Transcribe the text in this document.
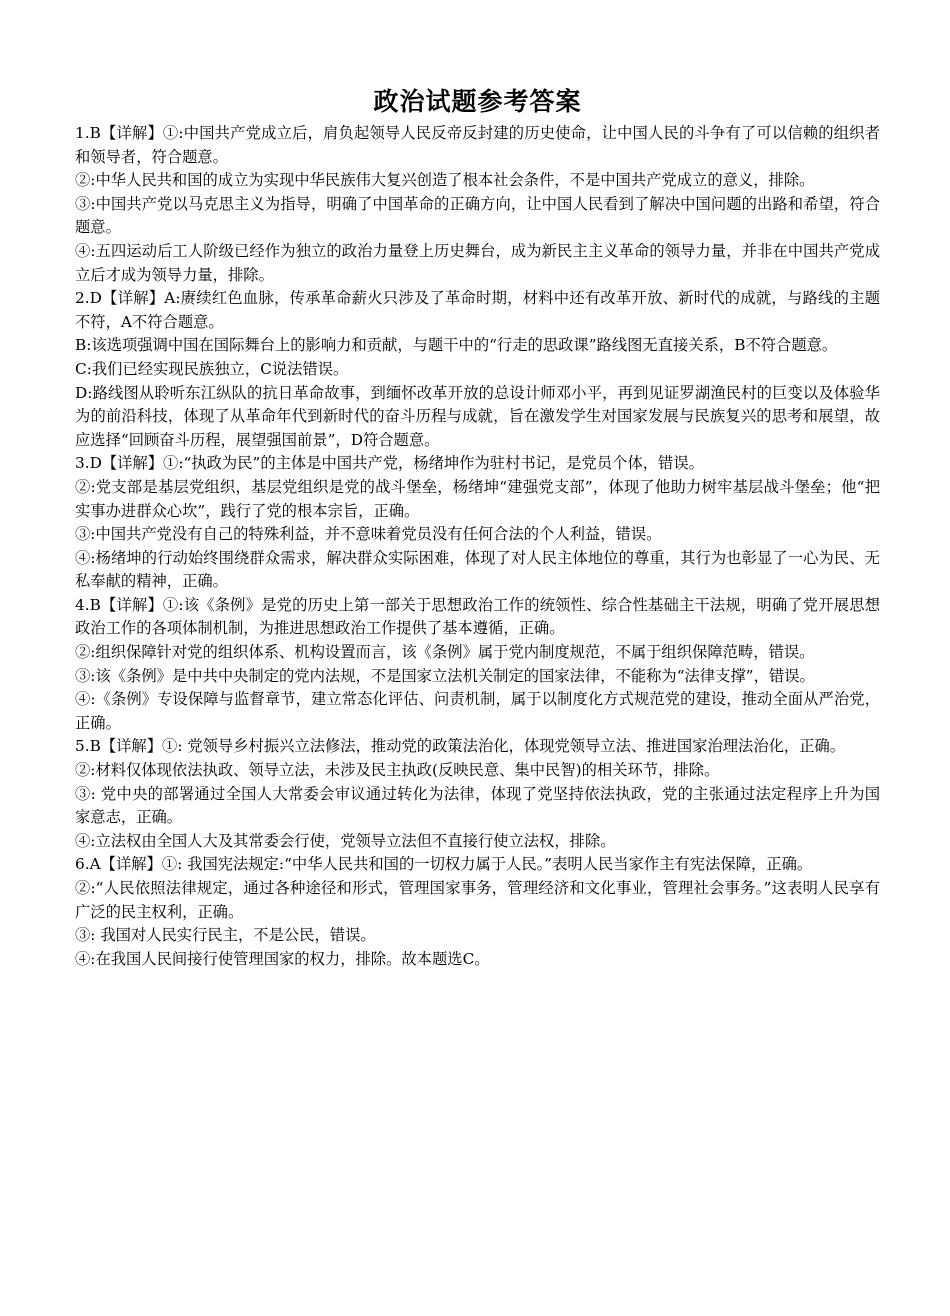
政治试题参考答案

1.B【详解】①:中国共产党成立后，肩负起领导人民反帝反封建的历史使命，让中国人民的斗争有了可以信赖的组织者和领导者，符合题意。

②:中华人民共和国的成立为实现中华民族伟大复兴创造了根本社会条件，不是中国共产党成立的意义，排除。

③:中国共产党以马克思主义为指导，明确了中国革命的正确方向，让中国人民看到了解决中国问题的出路和希望，符合题意。

④:五四运动后工人阶级已经作为独立的政治力量登上历史舞台，成为新民主主义革命的领导力量，并非在中国共产党成立后才成为领导力量，排除。

2.D【详解】A:赓续红色血脉，传承革命薪火只涉及了革命时期，材料中还有改革开放、新时代的成就，与路线的主题不符，A不符合题意。

B:该选项强调中国在国际舞台上的影响力和贡献，与题干中的“行走的思政课”路线图无直接关系，B不符合题意。

C:我们已经实现民族独立，C说法错误。

D:路线图从聆听东江纵队的抗日革命故事，到缅怀改革开放的总设计师邓小平，再到见证罗湖渔民村的巨变以及体验华为的前沿科技，体现了从革命年代到新时代的奋斗历程与成就，旨在激发学生对国家发展与民族复兴的思考和展望，故应选择“回顾奋斗历程，展望强国前景”，D符合题意。

3.D【详解】①:“执政为民”的主体是中国共产党，杨绪坤作为驻村书记，是党员个体，错误。

②:党支部是基层党组织，基层党组织是党的战斗堡垒，杨绪坤“建强党支部”，体现了他助力树牢基层战斗堡垒；他“把实事办进群众心坎”，践行了党的根本宗旨，正确。

③:中国共产党没有自己的特殊利益，并不意味着党员没有任何合法的个人利益，错误。

④:杨绪坤的行动始终围绕群众需求，解决群众实际困难，体现了对人民主体地位的尊重，其行为也彰显了一心为民、无私奉献的精神，正确。

4.B【详解】①:该《条例》是党的历史上第一部关于思想政治工作的统领性、综合性基础主干法规，明确了党开展思想政治工作的各项体制机制，为推进思想政治工作提供了基本遵循，正确。

②:组织保障针对党的组织体系、机构设置而言，该《条例》属于党内制度规范，不属于组织保障范畴，错误。

③:该《条例》是中共中央制定的党内法规，不是国家立法机关制定的国家法律，不能称为“法律支撑”，错误。

④:《条例》专设保障与监督章节，建立常态化评估、问责机制，属于以制度化方式规范党的建设，推动全面从严治党，正确。

5.B【详解】①: 党领导乡村振兴立法修法，推动党的政策法治化，体现党领导立法、推进国家治理法治化，正确。

②:材料仅体现依法执政、领导立法，未涉及民主执政(反映民意、集中民智)的相关环节，排除。

③: 党中央的部署通过全国人大常委会审议通过转化为法律，体现了党坚持依法执政，党的主张通过法定程序上升为国家意志，正确。

④:立法权由全国人大及其常委会行使，党领导立法但不直接行使立法权，排除。

6.A【详解】①: 我国宪法规定:“中华人民共和国的一切权力属于人民。”表明人民当家作主有宪法保障，正确。

②:“人民依照法律规定，通过各种途径和形式，管理国家事务，管理经济和文化事业，管理社会事务。”这表明人民享有广泛的民主权利，正确。

③: 我国对人民实行民主，不是公民，错误。

④:在我国人民间接行使管理国家的权力，排除。故本题选C。
